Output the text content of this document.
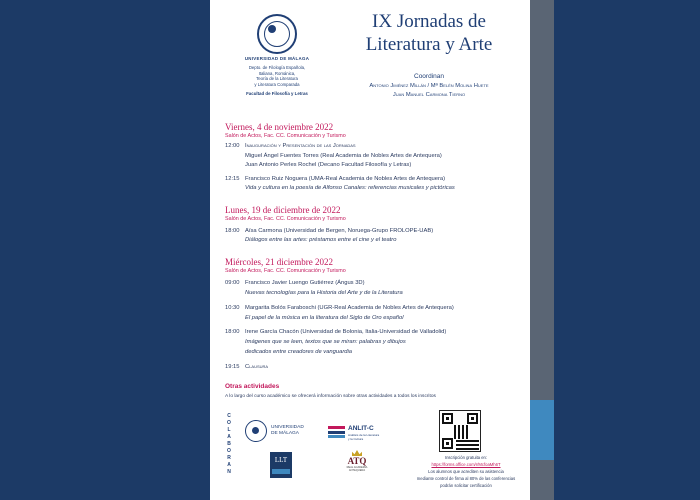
UNIVERSIDAD DE MÁLAGA
Depto. de Filología Española,
Italiana, Románica,
Teoría de la Literatura
y Literatura Comparada
Facultad de Filosofía y Letras
IX Jornadas de
Literatura y Arte
Coordinan
Antonio Jiménez Millán / Mª Belén Molina Huete
Juan Manuel Carmona Tierno
Viernes, 4 de noviembre 2022
Salón de Actos, Fac. CC. Comunicación y Turismo
12:00 Inauguración y Presentación de las Jornadas
Miguel Ángel Fuentes Torres (Real Academia de Nobles Artes de Antequera)
Juan Antonio Perles Rochel (Decano Facultad Filosofía y Letras)
12:15 Francisco Ruiz Noguera (UMA-Real Academia de Nobles Artes de Antequera)
Vida y cultura en la poesía de Alfonso Canales: referencias musicales y pictóricas
Lunes, 19 de diciembre de 2022
Salón de Actos, Fac. CC. Comunicación y Turismo
18:00 Aïsa Carmona (Universidad de Bergen, Noruega-Grupo FROLOPE-UAB)
Diálogos entre las artes: préstamos entre el cine y el teatro
Miércoles, 21 diciembre 2022
Salón de Actos, Fac. CC. Comunicación y Turismo
09:00 Francisco Javier Luengo Gutiérrez (Ángus 3D)
Nuevas tecnologías para la Historia del Arte y de la Literatura
10:30 Margarita Bolós Faraboschi (UGR-Real Academia de Nobles Artes de Antequera)
El papel de la música en la literatura del Siglo de Oro español
18:00 Irene García Chacón (Universidad de Bolonia, Italia-Universidad de Valladolid)
Imágenes que se leen, textos que se miran: palabras y dibujos
dedicados entre creadores de vanguardia
19:15 Clausura
Otras actividades
A lo largo del curso académico se ofrecerá información sobre otras actividades a todos los inscritos
C
O
L
A
B
O
R
A
N
UNIVERSIDAD
DE MÁLAGA
ANLIT-C
Análisis de la Literatura
y la Cultura
LLT	ATQ
REAL ACADEMIA
ANTEQUERA
Inscripción gratuita en:
https://forms.office.com/r/McfoaMh6T
Los alumnos que acrediten su asistencia
mediante control de firma al 80% de las conferencias
podrán solicitar certificación
